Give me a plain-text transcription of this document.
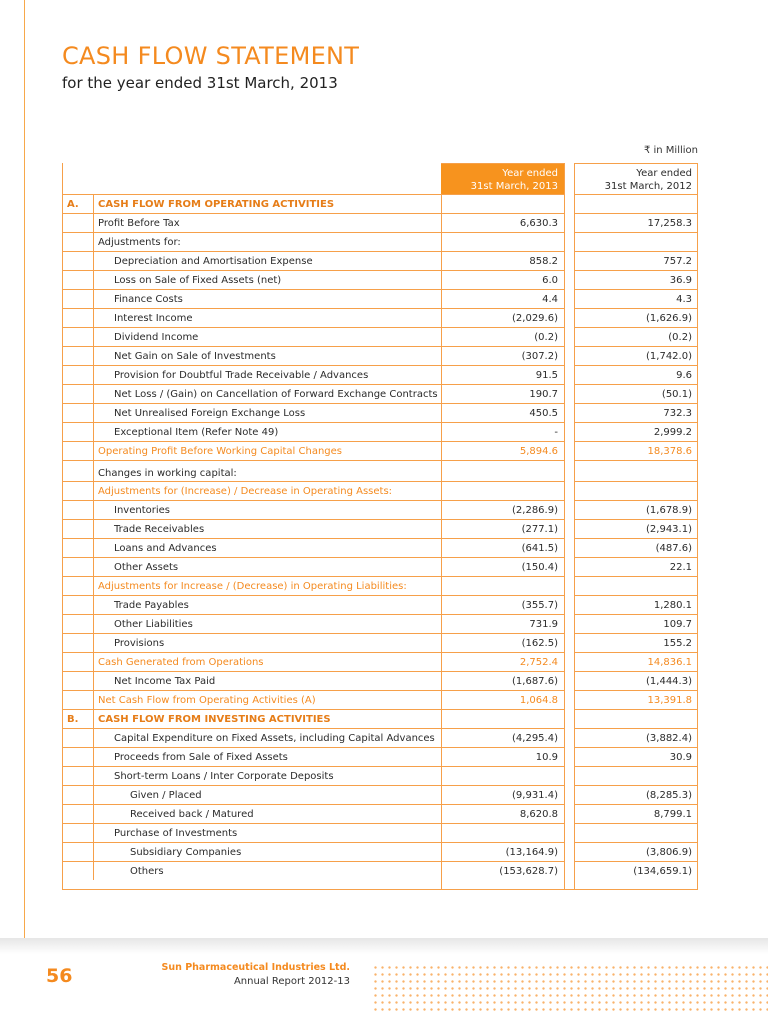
CASH FLOW STATEMENT
for the year ended 31st March, 2013
₹ in Million
Year ended
31st March, 2013
Year ended
31st March, 2012
A.	CASH FLOW FROM OPERATING ACTIVITIES
Profit Before Tax	6,630.3	17,258.3
Adjustments for:
Depreciation and Amortisation Expense	858.2	757.2
Loss on Sale of Fixed Assets (net)	6.0	36.9
Finance Costs	4.4	4.3
Interest Income	(2,029.6)	(1,626.9)
Dividend Income	(0.2)	(0.2)
Net Gain on Sale of Investments	(307.2)	(1,742.0)
Provision for Doubtful Trade Receivable / Advances	91.5	9.6
Net Loss / (Gain) on Cancellation of Forward Exchange Contracts	190.7	(50.1)
Net Unrealised Foreign Exchange Loss	450.5	732.3
Exceptional Item (Refer Note 49)	-	2,999.2
Operating Profit Before Working Capital Changes	5,894.6	18,378.6
Changes in working capital:
Adjustments for (Increase) / Decrease in Operating Assets:
Inventories	(2,286.9)	(1,678.9)
Trade Receivables	(277.1)	(2,943.1)
Loans and Advances	(641.5)	(487.6)
Other Assets	(150.4)	22.1
Adjustments for Increase / (Decrease) in Operating Liabilities:
Trade Payables	(355.7)	1,280.1
Other Liabilities	731.9	109.7
Provisions	(162.5)	155.2
Cash Generated from Operations	2,752.4	14,836.1
Net Income Tax Paid	(1,687.6)	(1,444.3)
Net Cash Flow from Operating Activities (A)	1,064.8	13,391.8
B.	CASH FLOW FROM INVESTING ACTIVITIES
Capital Expenditure on Fixed Assets, including Capital Advances	(4,295.4)	(3,882.4)
Proceeds from Sale of Fixed Assets	10.9	30.9
Short-term Loans / Inter Corporate Deposits
Given / Placed	(9,931.4)	(8,285.3)
Received back / Matured	8,620.8	8,799.1
Purchase of Investments
Subsidiary Companies	(13,164.9)	(3,806.9)
Others	(153,628.7)	(134,659.1)
56	Sun Pharmaceutical Industries Ltd.
Annual Report 2012-13
